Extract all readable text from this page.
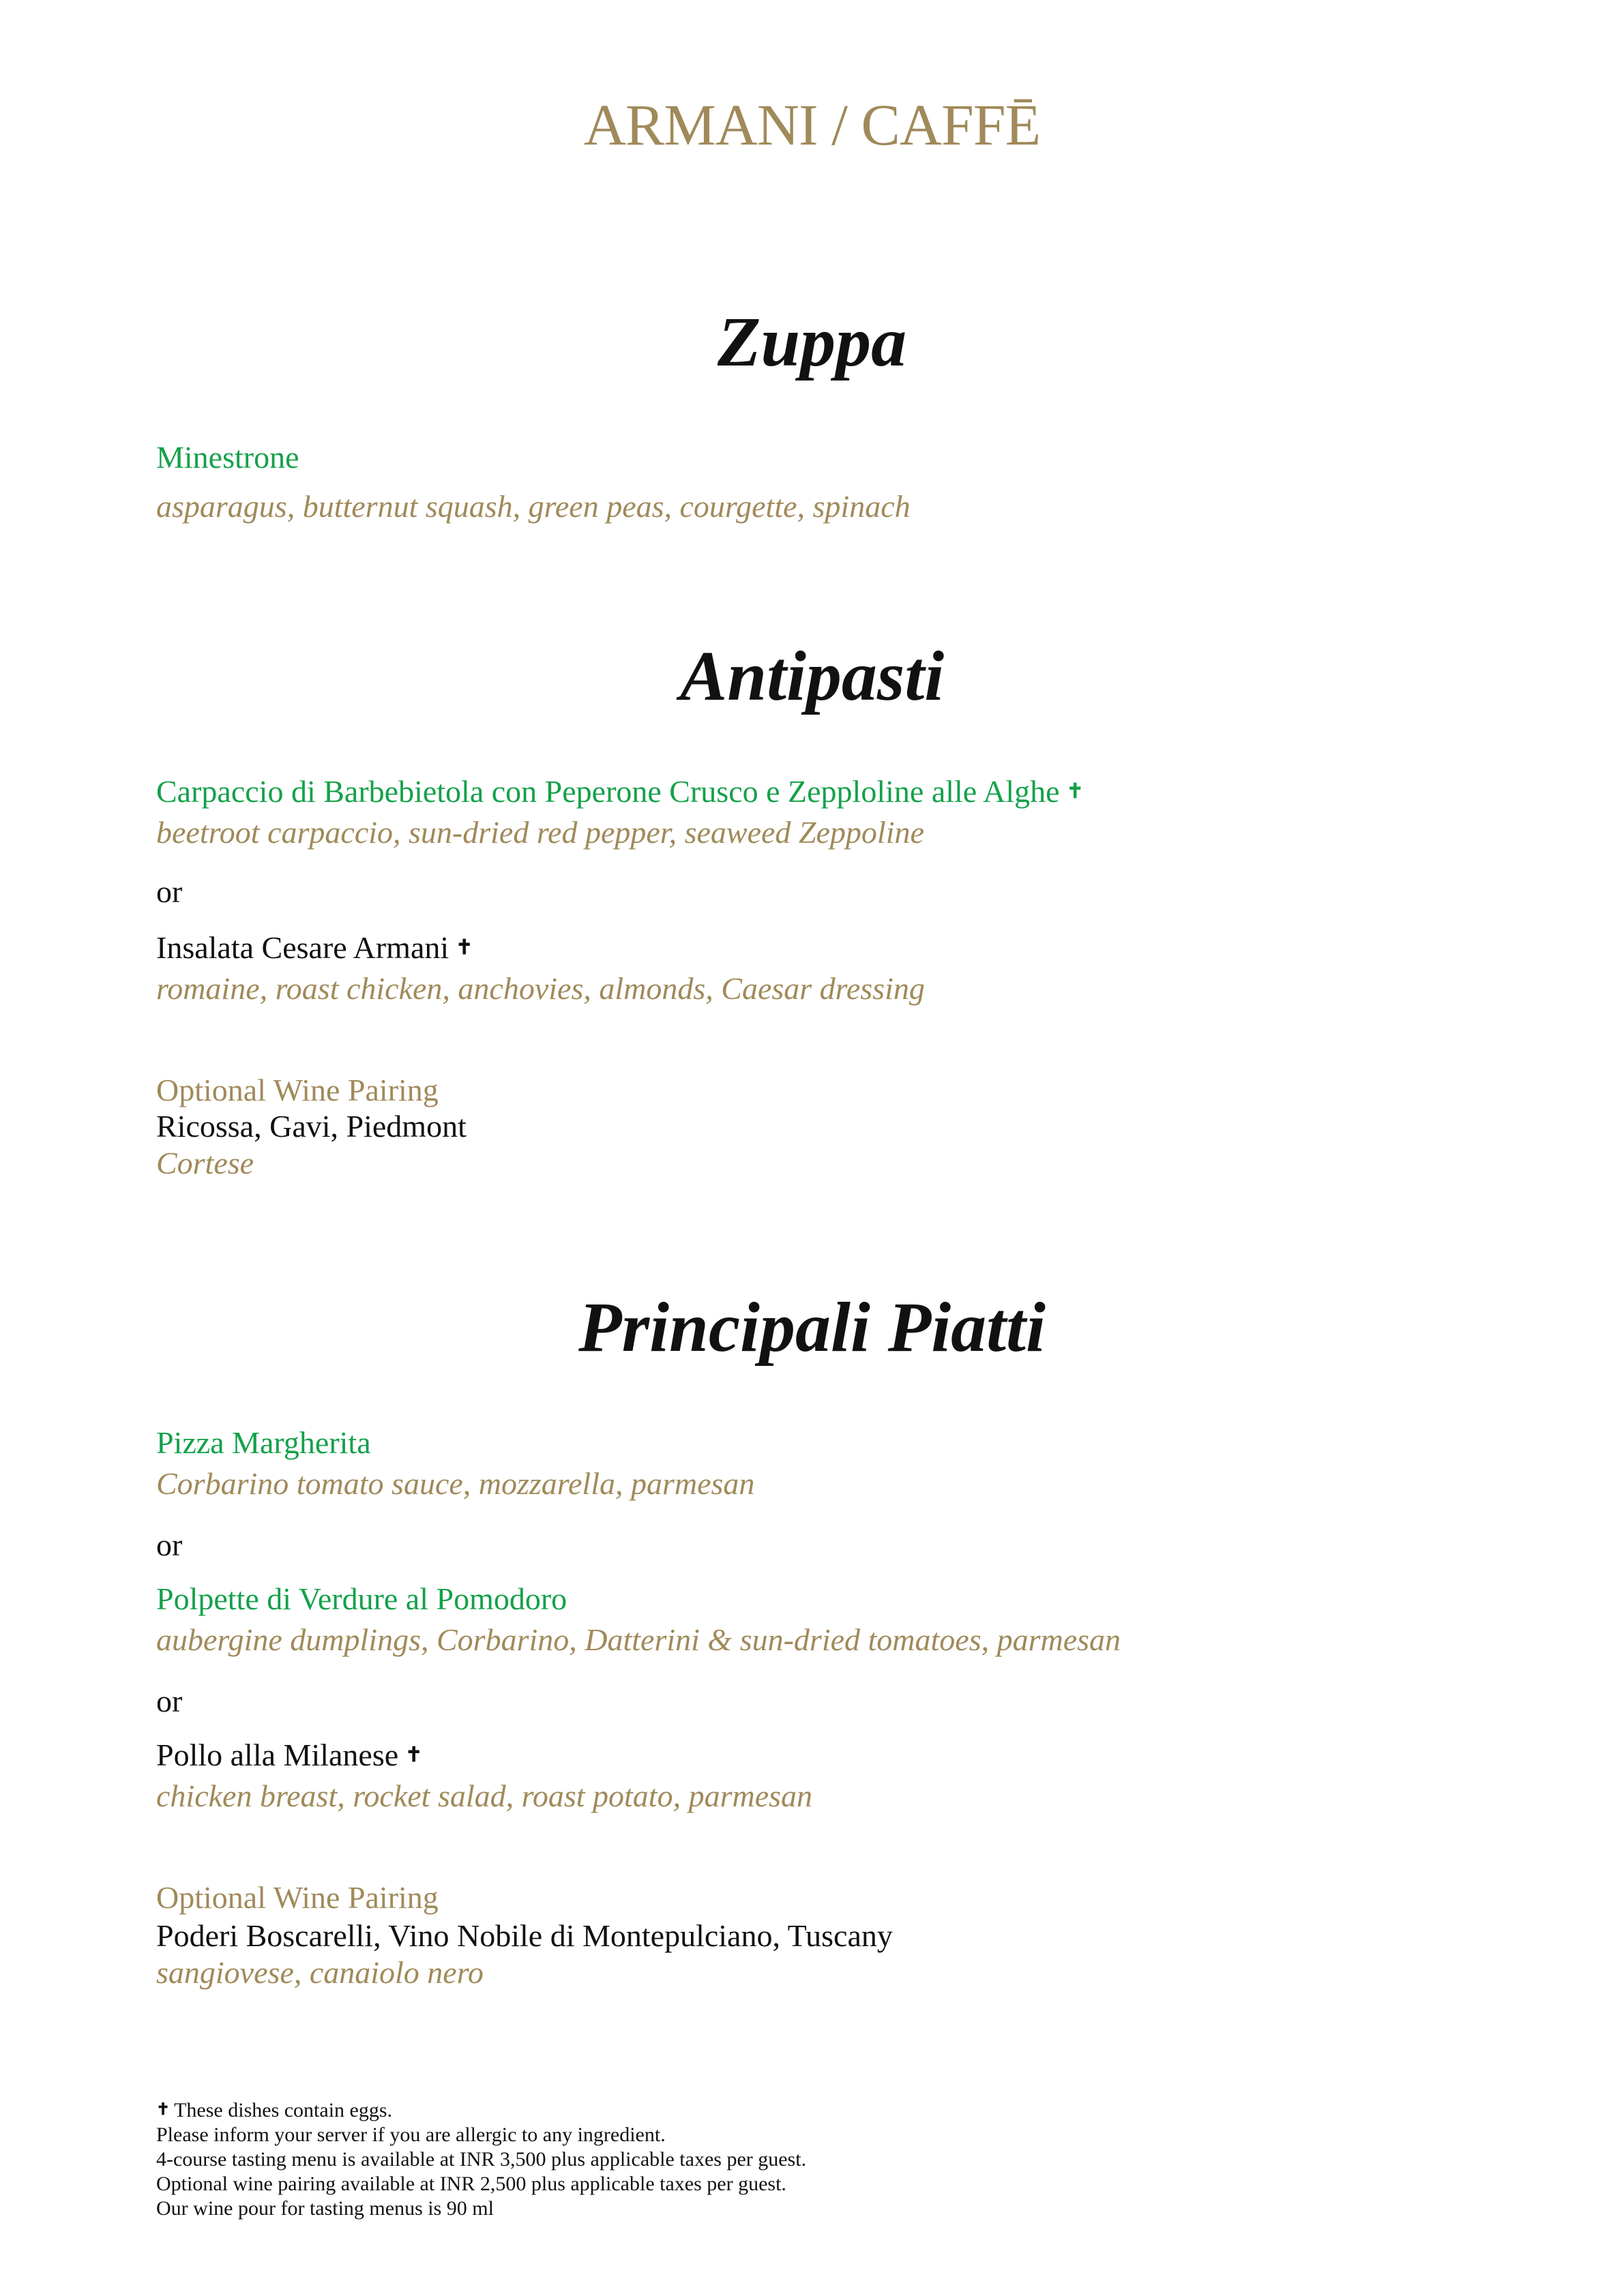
ARMANI / CAFFĒ
Zuppa
Minestrone
asparagus, butternut squash, green peas, courgette, spinach
Antipasti
Carpaccio di Barbebietola con Peperone Crusco e Zepploline alle Alghe ✝
beetroot carpaccio, sun-dried red pepper, seaweed Zeppoline
or
Insalata Cesare Armani ✝
romaine, roast chicken, anchovies, almonds, Caesar dressing
Optional Wine Pairing
Ricossa, Gavi, Piedmont
Cortese
Principali Piatti
Pizza Margherita
Corbarino tomato sauce, mozzarella, parmesan
or
Polpette di Verdure al Pomodoro
aubergine dumplings, Corbarino, Datterini & sun-dried tomatoes, parmesan
or
Pollo alla Milanese ✝
chicken breast, rocket salad, roast potato, parmesan
Optional Wine Pairing
Poderi Boscarelli, Vino Nobile di Montepulciano, Tuscany
sangiovese, canaiolo nero
✝ These dishes contain eggs.
Please inform your server if you are allergic to any ingredient.
4-course tasting menu is available at INR 3,500 plus applicable taxes per guest.
Optional wine pairing available at INR 2,500 plus applicable taxes per guest.
Our wine pour for tasting menus is 90 ml
